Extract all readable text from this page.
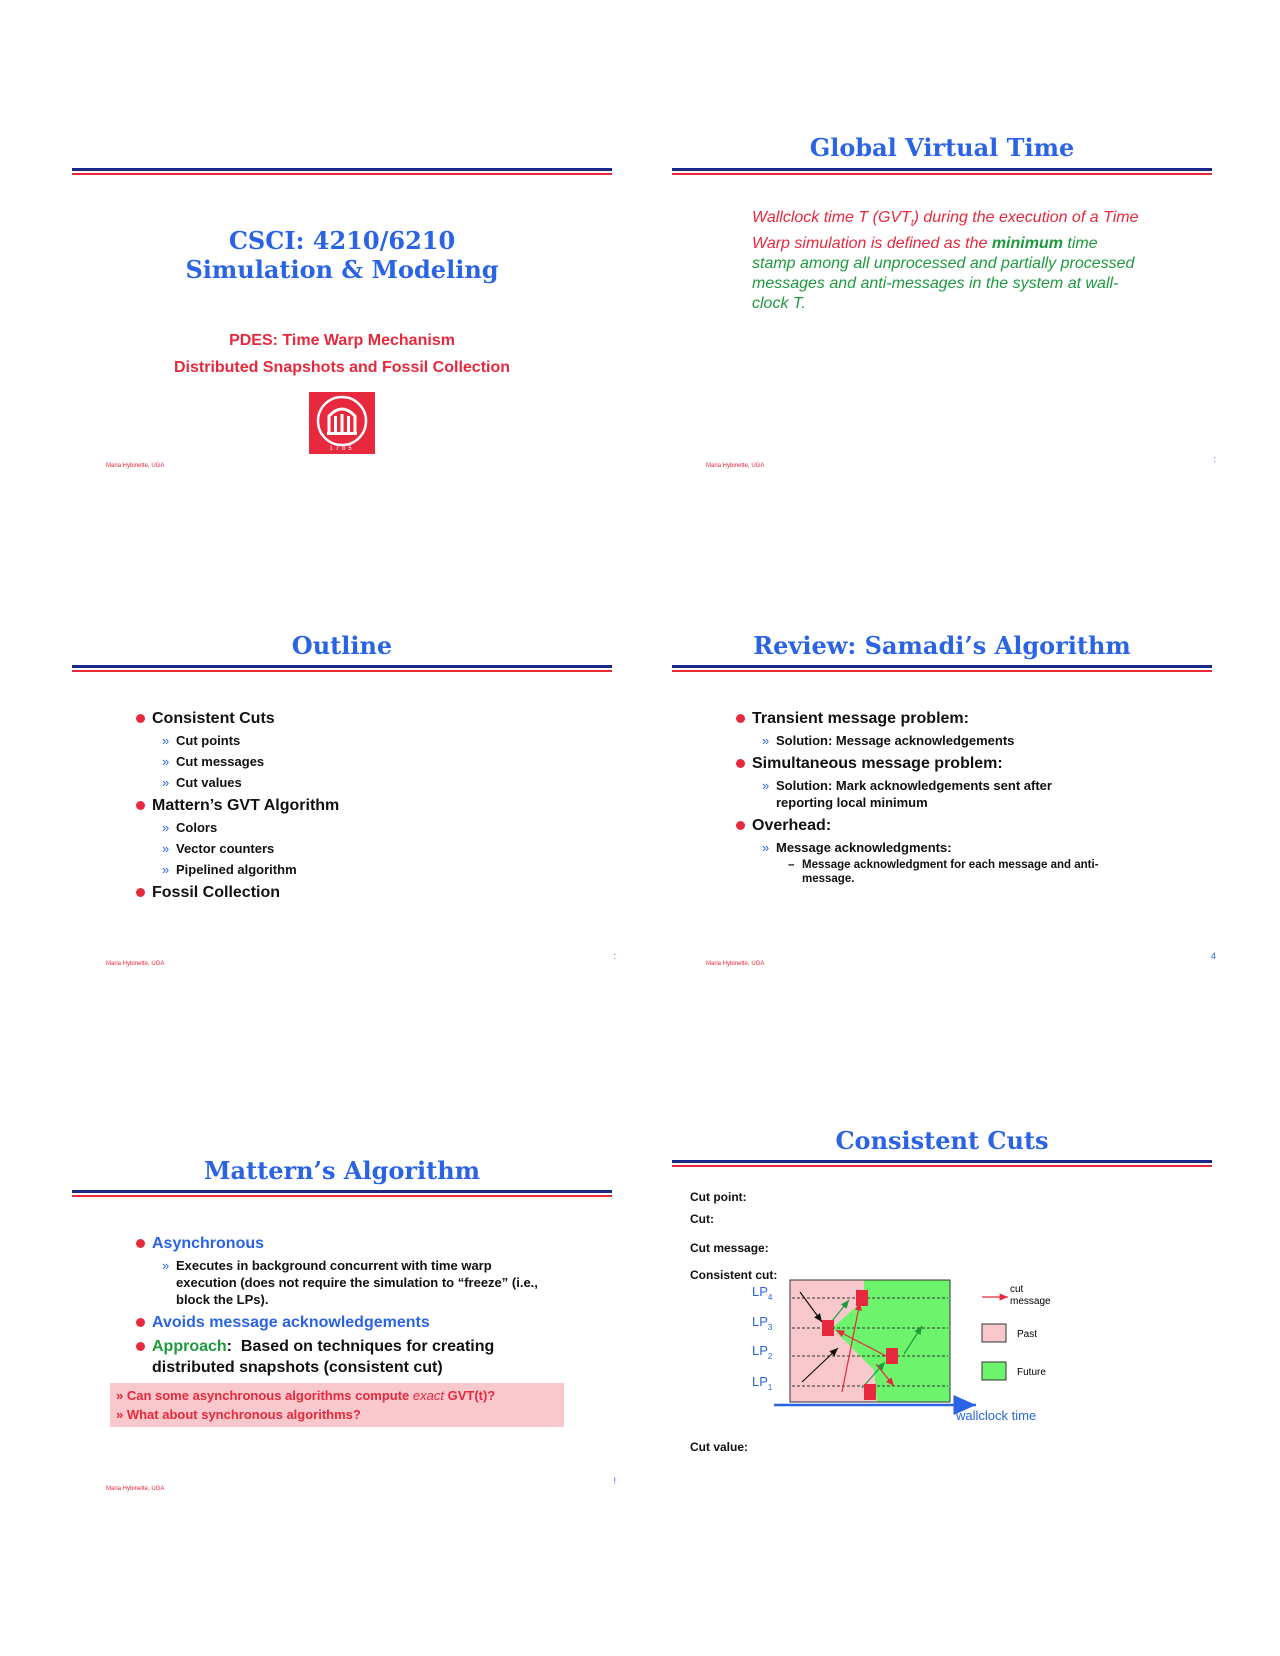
CSCI: 4210/6210
Simulation & Modeling
PDES: Time Warp Mechanism
Distributed Snapshots and Fossil Collection
1785
Maria Hybinette, UGA
Global Virtual Time
Wallclock time T $(GVT_t)$ during the execution of a Time Warp simulation is defined as the minimum time stamp among all unprocessed and partially processed messages and anti-messages in the system at wall-clock T.
Maria Hybinette, UGA
:
Outline
Consistent Cuts
» Cut points
» Cut messages
» Cut values
Mattern’s GVT Algorithm
» Colors
» Vector counters
» Pipelined algorithm
Fossil Collection
Maria Hybinette, UGA
:
Review: Samadi’s Algorithm
Transient message problem:
» Solution: Message acknowledgements
Simultaneous message problem:
» Solution: Mark acknowledgements sent after reporting local minimum
Overhead:
» Message acknowledgments:
– Message acknowledgment for each message and anti-message.
Maria Hybinette, UGA
4
Mattern’s Algorithm
Asynchronous
» Executes in background concurrent with time warp execution (does not require the simulation to “freeze” (i.e., block the LPs).
Avoids message acknowledgements
Approach:  Based on techniques for creating distributed snapshots (consistent cut)
» Can some asynchronous algorithms compute exact GVT(t)?
» What about synchronous algorithms?
Maria Hybinette, UGA
!
Consistent Cuts
Cut point:
Cut:
Cut message:
Consistent cut:
$LP_4$
$LP_3$
$LP_2$
$LP_1$
wallclock time
cut
message
Past
Future
Cut value:
